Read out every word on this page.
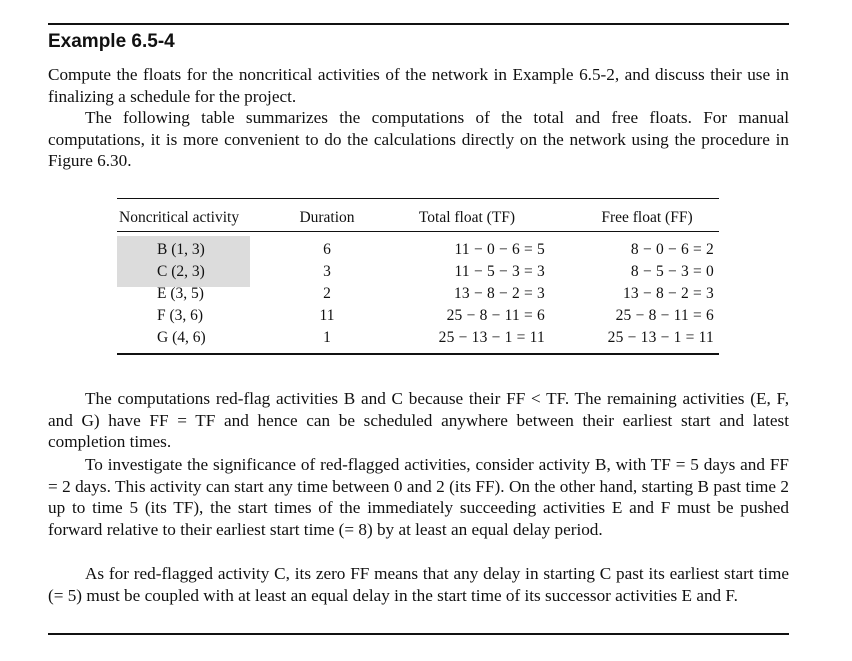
Example 6.5-4
Compute the floats for the noncritical activities of the network in Example 6.5-2, and discuss their use in finalizing a schedule for the project.
The following table summarizes the computations of the total and free floats. For manual computations, it is more convenient to do the calculations directly on the network using the procedure in Figure 6.30.
Noncritical activity	Duration	Total float (TF)	Free float (FF)
B (1, 3)	6	11 − 0 − 6 = 5	8 − 0 − 6 = 2
C (2, 3)	3	11 − 5 − 3 = 3	8 − 5 − 3 = 0
E (3, 5)	2	13 − 8 − 2 = 3	13 − 8 − 2 = 3
F (3, 6)	11	25 − 8 − 11 = 6	25 − 8 − 11 = 6
G (4, 6)	1	25 − 13 − 1 = 11	25 − 13 − 1 = 11
The computations red-flag activities B and C because their FF < TF. The remaining activities (E, F, and G) have FF = TF and hence can be scheduled anywhere between their earliest start and latest completion times.
To investigate the significance of red-flagged activities, consider activity B, with TF = 5 days and FF = 2 days. This activity can start any time between 0 and 2 (its FF). On the other hand, starting B past time 2 up to time 5 (its TF), the start times of the immediately succeeding activities E and F must be pushed forward relative to their earliest start time (= 8) by at least an equal delay period.
As for red-flagged activity C, its zero FF means that any delay in starting C past its earliest start time (= 5) must be coupled with at least an equal delay in the start time of its successor activities E and F.
